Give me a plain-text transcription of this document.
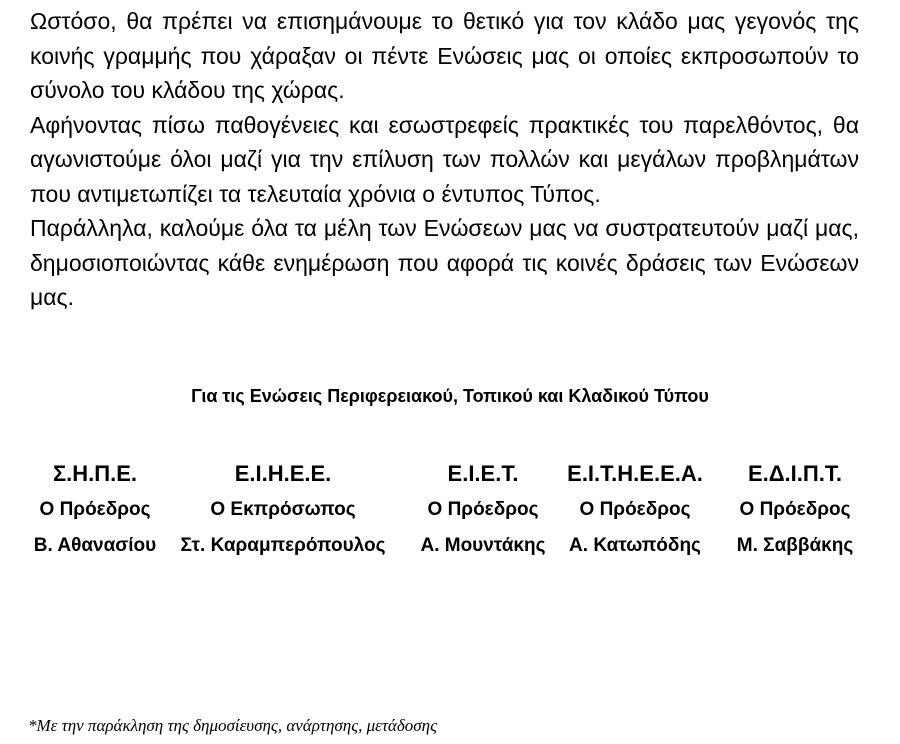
Ωστόσο, θα πρέπει να επισημάνουμε το θετικό για τον κλάδο μας γεγονός της κοινής γραμμής που χάραξαν οι πέντε Ενώσεις μας οι οποίες εκπροσωπούν το σύνολο του κλάδου της χώρας.

Αφήνοντας πίσω παθογένειες και εσωστρεφείς πρακτικές του παρελθόντος, θα αγωνιστούμε όλοι μαζί για την επίλυση των πολλών και μεγάλων προβλημάτων που αντιμετωπίζει τα τελευταία χρόνια ο έντυπος Τύπος.

Παράλληλα, καλούμε όλα τα μέλη των Ενώσεων μας να συστρατευτούν μαζί μας, δημοσιοποιώντας κάθε ενημέρωση που αφορά τις κοινές δράσεις των Ενώσεων μας.

Για τις Ενώσεις Περιφερειακού, Τοπικού και Κλαδικού Τύπου
Σ.Η.Π.Ε.
Ο Πρόεδρος
Β. Αθανασίου
Ε.Ι.Η.Ε.Ε.
Ο Εκπρόσωπος
Στ. Καραμπερόπουλος
Ε.Ι.Ε.Τ.
Ο Πρόεδρος
Α. Μουντάκης
Ε.Ι.Τ.Η.Ε.Ε.Α.
Ο Πρόεδρος
Α. Κατωπόδης
Ε.Δ.Ι.Π.Τ.
Ο Πρόεδρος
Μ. Σαββάκης
*Με την παράκληση της δημοσίευσης, ανάρτησης, μετάδοσης
